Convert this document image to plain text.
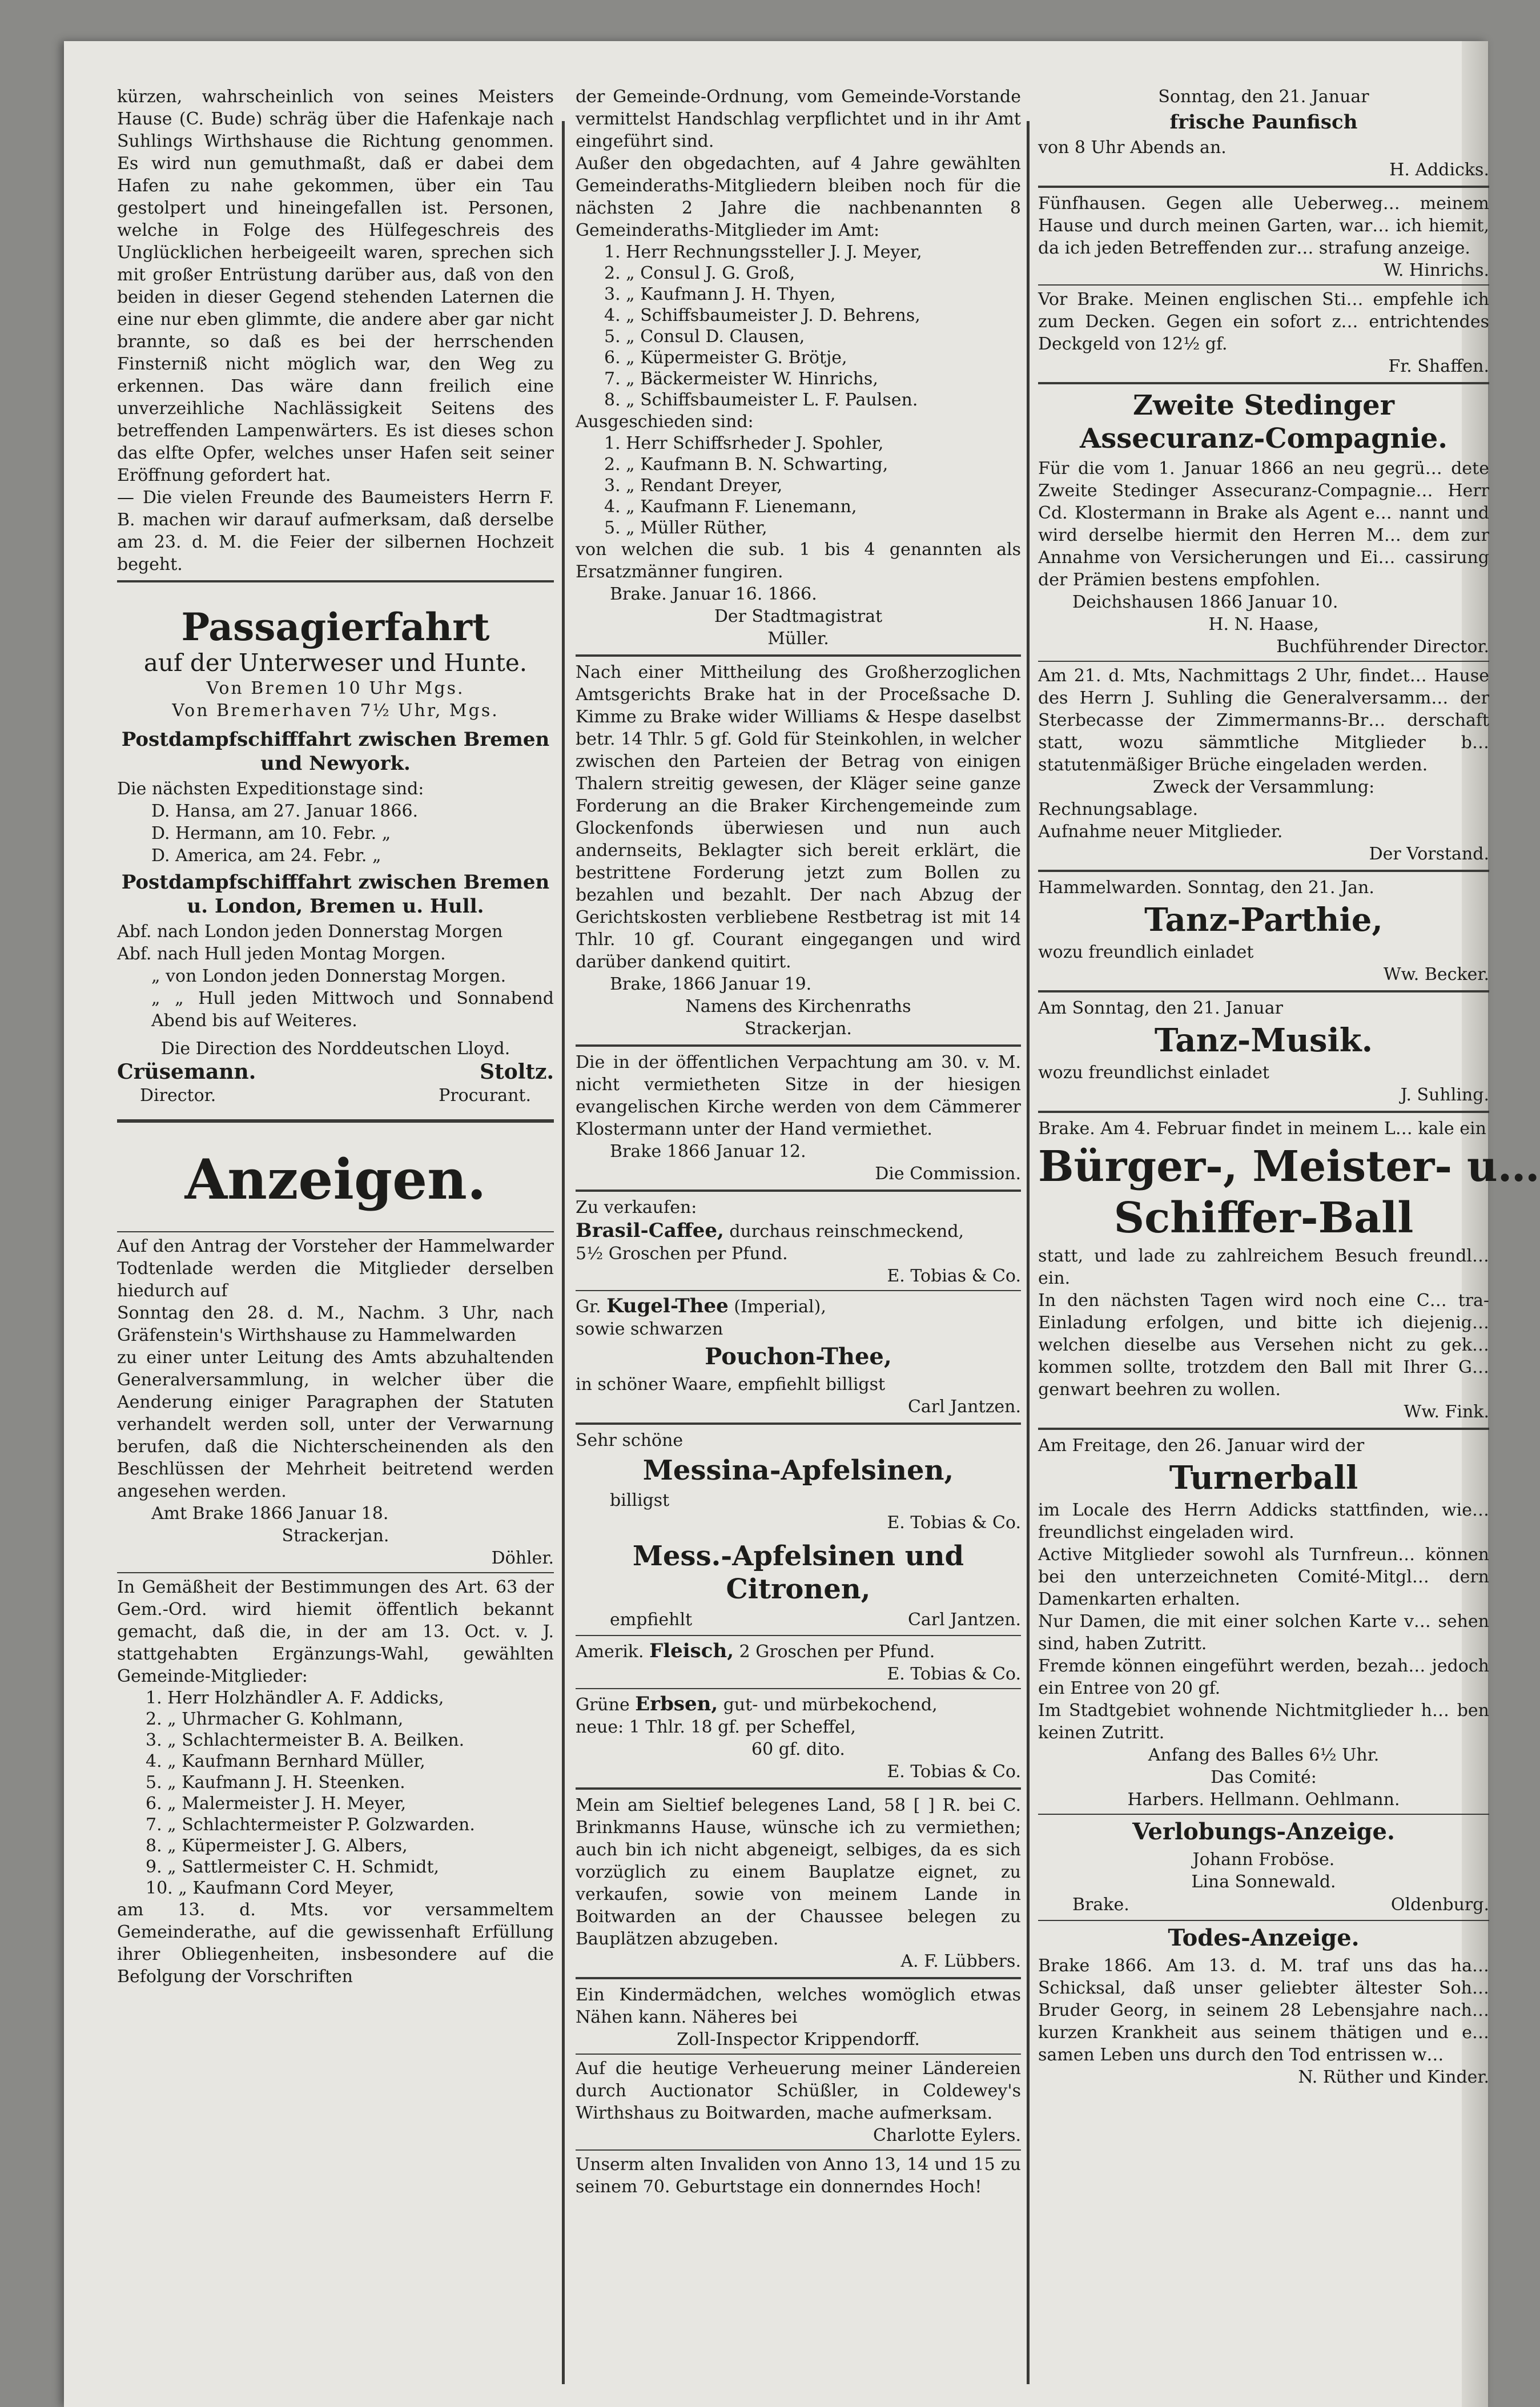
kürzen, wahrscheinlich von seines Meisters Hause (C. Bude) schräg über die Hafenkaje nach Suhlings Wirthshause die Richtung genommen. Es wird nun gemuthmaßt, daß er dabei dem Hafen zu nahe gekommen, über ein Tau gestolpert und hineingefallen ist. Personen, welche in Folge des Hülfegeschreis des Unglücklichen herbeigeeilt waren, sprechen sich mit großer Entrüstung darüber aus, daß von den beiden in dieser Gegend stehenden Laternen die eine nur eben glimmte, die andere aber gar nicht brannte, so daß es bei der herrschenden Finsterniß nicht möglich war, den Weg zu erkennen. Das wäre dann freilich eine unverzeihliche Nachlässigkeit Seitens des betreffenden Lampenwärters. Es ist dieses schon das elfte Opfer, welches unser Hafen seit seiner Eröffnung gefordert hat.

— Die vielen Freunde des Baumeisters Herrn F. B. machen wir darauf aufmerksam, daß derselbe am 23. d. M. die Feier der silbernen Hochzeit begeht.

Passagierfahrt
auf der Unterweser und Hunte.
Von Bremen 10 Uhr Mgs.
Von Bremerhaven 7½ Uhr, Mgs.
Postdampfschifffahrt zwischen Bremen und Newyork.
Die nächsten Expeditionstage sind:
D. Hansa, am 27. Januar 1866.
D. Hermann, am 10. Febr. „
D. America, am 24. Febr. „
Postdampfschifffahrt zwischen Bremen u. London, Bremen u. Hull.
Abf. nach London jeden Donnerstag Morgen
Abf. nach Hull jeden Montag Morgen.
„ von London jeden Donnerstag Morgen.
„ „ Hull jeden Mittwoch und Sonnabend Abend bis auf Weiteres.
Die Direction des Norddeutschen Lloyd.
Crüsemann.	Stoltz.
Director.	Procurant.
Anzeigen.

Auf den Antrag der Vorsteher der Hammelwarder Todtenlade werden die Mitglieder derselben hiedurch auf

Sonntag den 28. d. M., Nachm. 3 Uhr, nach Gräfenstein's Wirthshause zu Hammelwarden

zu einer unter Leitung des Amts abzuhaltenden Generalversammlung, in welcher über die Aenderung einiger Paragraphen der Statuten verhandelt werden soll, unter der Verwarnung berufen, daß die Nichterscheinenden als den Beschlüssen der Mehrheit beitretend werden angesehen werden.

Amt Brake 1866 Januar 18.
Strackerjan.
Döhler.

In Gemäßheit der Bestimmungen des Art. 63 der Gem.-Ord. wird hiemit öffentlich bekannt gemacht, daß die, in der am 13. Oct. v. J. stattgehabten Ergänzungs-Wahl, gewählten Gemeinde-Mitglieder:

1. Herr Holzhändler A. F. Addicks,
2. „ Uhrmacher G. Kohlmann,
3. „ Schlachtermeister B. A. Beilken.
4. „ Kaufmann Bernhard Müller,
5. „ Kaufmann J. H. Steenken.
6. „ Malermeister J. H. Meyer,
7. „ Schlachtermeister P. Golzwarden.
8. „ Küpermeister J. G. Albers,
9. „ Sattlermeister C. H. Schmidt,
10. „ Kaufmann Cord Meyer,

am 13. d. Mts. vor versammeltem Gemeinderathe, auf die gewissenhaft Erfüllung ihrer Obliegenheiten, insbesondere auf die Befolgung der Vorschriften

der Gemeinde-Ordnung, vom Gemeinde-Vorstande vermittelst Handschlag verpflichtet und in ihr Amt eingeführt sind.

Außer den obgedachten, auf 4 Jahre gewählten Gemeinderaths-Mitgliedern bleiben noch für die nächsten 2 Jahre die nachbenannten 8 Gemeinderaths-Mitglieder im Amt:

1. Herr Rechnungssteller J. J. Meyer,
2. „ Consul J. G. Groß,
3. „ Kaufmann J. H. Thyen,
4. „ Schiffsbaumeister J. D. Behrens,
5. „ Consul D. Clausen,
6. „ Küpermeister G. Brötje,
7. „ Bäckermeister W. Hinrichs,
8. „ Schiffsbaumeister L. F. Paulsen.
Ausgeschieden sind:
1. Herr Schiffsrheder J. Spohler,
2. „ Kaufmann B. N. Schwarting,
3. „ Rendant Dreyer,
4. „ Kaufmann F. Lienemann,
5. „ Müller Rüther,

von welchen die sub. 1 bis 4 genannten als Ersatzmänner fungiren.

Brake. Januar 16. 1866.
Der Stadtmagistrat
Müller.

Nach einer Mittheilung des Großherzoglichen Amtsgerichts Brake hat in der Proceßsache D. Kimme zu Brake wider Williams & Hespe daselbst betr. 14 Thlr. 5 gf. Gold für Steinkohlen, in welcher zwischen den Parteien der Betrag von einigen Thalern streitig gewesen, der Kläger seine ganze Forderung an die Braker Kirchengemeinde zum Glockenfonds überwiesen und nun auch andernseits, Beklagter sich bereit erklärt, die bestrittene Forderung jetzt zum Bollen zu bezahlen und bezahlt. Der nach Abzug der Gerichtskosten verbliebene Restbetrag ist mit 14 Thlr. 10 gf. Courant eingegangen und wird darüber dankend quitirt.

Brake, 1866 Januar 19.
Namens des Kirchenraths
Strackerjan.

Die in der öffentlichen Verpachtung am 30. v. M. nicht vermietheten Sitze in der hiesigen evangelischen Kirche werden von dem Cämmerer Klostermann unter der Hand vermiethet.

Brake 1866 Januar 12.
Die Commission.
Zu verkaufen:
Brasil-Caffee, durchaus reinschmeckend,
5½ Groschen per Pfund.
E. Tobias & Co.
Gr. Kugel-Thee (Imperial),
sowie schwarzen
Pouchon-Thee,
in schöner Waare, empfiehlt billigst
Carl Jantzen.
Sehr schöne
Messina-Apfelsinen,
billigst
E. Tobias & Co.
Mess.-Apfelsinen und Citronen,
empfiehlt	Carl Jantzen.
Amerik. Fleisch, 2 Groschen per Pfund.
E. Tobias & Co.
Grüne Erbsen, gut- und mürbekochend,
neue: 1 Thlr. 18 gf. per Scheffel,
60 gf. dito.
E. Tobias & Co.

Mein am Sieltief belegenes Land, 58 [ ] R. bei C. Brinkmanns Hause, wünsche ich zu vermiethen; auch bin ich nicht abgeneigt, selbiges, da es sich vorzüglich zu einem Bauplatze eignet, zu verkaufen, sowie von meinem Lande in Boitwarden an der Chaussee belegen zu Bauplätzen abzugeben.

A. F. Lübbers.

Ein Kindermädchen, welches womöglich etwas Nähen kann. Näheres bei

Zoll-Inspector Krippendorff.

Auf die heutige Verheuerung meiner Ländereien durch Auctionator Schüßler, in Coldewey's Wirthshaus zu Boitwarden, mache aufmerksam.

Charlotte Eylers.

Unserm alten Invaliden von Anno 13, 14 und 15 zu seinem 70. Geburtstage ein donnerndes Hoch!

Sonntag, den 21. Januar
frische Paunfisch
von 8 Uhr Abends an.
H. Addicks.

Fünfhausen. Gegen alle Ueberweg… meinem Hause und durch meinen Garten, war… ich hiemit, da ich jeden Betreffenden zur… strafung anzeige.

W. Hinrichs.

Vor Brake. Meinen englischen Sti… empfehle ich zum Decken. Gegen ein sofort z… entrichtendes Deckgeld von 12½ gf.

Fr. Shaffen.
Zweite Stedinger Assecuranz-Compagnie.

Für die vom 1. Januar 1866 an neu gegrü… dete Zweite Stedinger Assecuranz-Compagnie… Herr Cd. Klostermann in Brake als Agent e… nannt und wird derselbe hiermit den Herren M… dem zur Annahme von Versicherungen und Ei… cassirung der Prämien bestens empfohlen.

Deichshausen 1866 Januar 10.
H. N. Haase,
Buchführender Director.

Am 21. d. Mts, Nachmittags 2 Uhr, findet… Hause des Herrn J. Suhling die Generalversamm… der Sterbecasse der Zimmermanns-Br… derschaft statt, wozu sämmtliche Mitglieder b… statutenmäßiger Brüche eingeladen werden.

Zweck der Versammlung:
Rechnungsablage.
Aufnahme neuer Mitglieder.
Der Vorstand.
Hammelwarden. Sonntag, den 21. Jan.
Tanz-Parthie,
wozu freundlich einladet
Ww. Becker.
Am Sonntag, den 21. Januar
Tanz-Musik.
wozu freundlichst einladet
J. Suhling.

Brake. Am 4. Februar findet in meinem L… kale ein

Bürger-, Meister- u…
Schiffer-Ball

statt, und lade zu zahlreichem Besuch freundl… ein.

In den nächsten Tagen wird noch eine C… tra-Einladung erfolgen, und bitte ich diejenig… welchen dieselbe aus Versehen nicht zu gek… kommen sollte, trotzdem den Ball mit Ihrer G… genwart beehren zu wollen.

Ww. Fink.
Am Freitage, den 26. Januar wird der
Turnerball

im Locale des Herrn Addicks stattfinden, wie… freundlichst eingeladen wird.

Active Mitglieder sowohl als Turnfreun… können bei den unterzeichneten Comité-Mitgl… dern Damenkarten erhalten.

Nur Damen, die mit einer solchen Karte v… sehen sind, haben Zutritt.

Fremde können eingeführt werden, bezah… jedoch ein Entree von 20 gf.

Im Stadtgebiet wohnende Nichtmitglieder h… ben keinen Zutritt.

Anfang des Balles 6½ Uhr.
Das Comité:
Harbers. Hellmann. Oehlmann.
Verlobungs-Anzeige.
Johann Froböse.
Lina Sonnewald.
Brake.	Oldenburg.
Todes-Anzeige.

Brake 1866. Am 13. d. M. traf uns das ha… Schicksal, daß unser geliebter ältester Soh… Bruder Georg, in seinem 28 Lebensjahre nach… kurzen Krankheit aus seinem thätigen und e… samen Leben uns durch den Tod entrissen w…

N. Rüther und Kinder.
